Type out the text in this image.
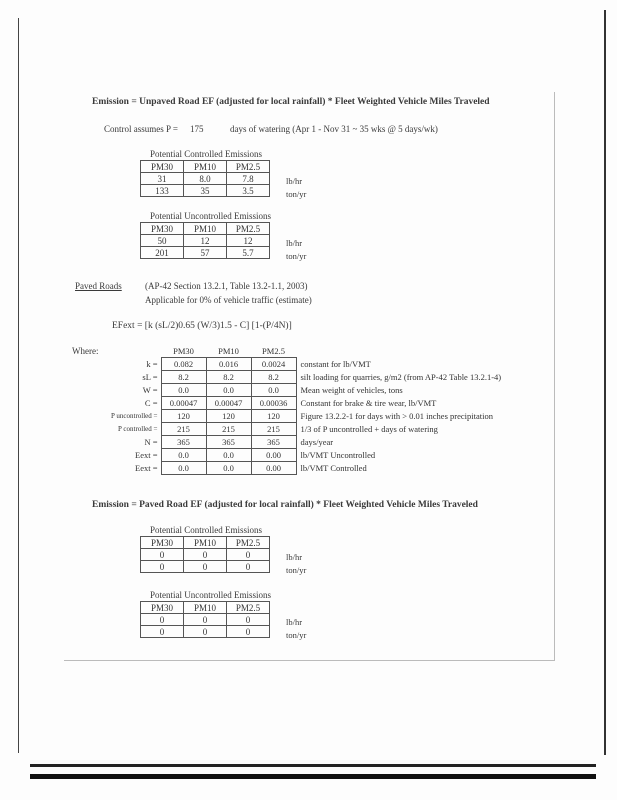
Emission = Unpaved Road EF (adjusted for local rainfall) * Fleet Weighted Vehicle Miles Traveled
Control assumes P = 175	days of watering (Apr 1 - Nov 31 ~ 35 wks @ 5 days/wk)
Potential Controlled Emissions
PM30	PM10	PM2.5
31	8.0	7.8
133	35	3.5
lb/hr
ton/yr
Potential Uncontrolled Emissions
PM30	PM10	PM2.5
50	12	12
201	57	5.7
lb/hr
ton/yr
Paved Roads	(AP-42 Section 13.2.1, Table 13.2-1.1, 2003)
Applicable for 0% of vehicle traffic (estimate)
EFext = [k (sL/2)0.65 (W/3)1.5 - C] [1-(P/4N)]
Where:
		PM30	PM10	PM2.5	
k =	0.082	0.016	0.0024	constant for lb/VMT
sL =	8.2	8.2	8.2	silt loading for quarries, g/m2 (from AP-42 Table 13.2.1-4)
W =	0.0	0.0	0.0	Mean weight of vehicles, tons
C =	0.00047	0.00047	0.00036	Constant for brake & tire wear, lb/VMT
P uncontrolled =	120	120	120	Figure 13.2.2-1 for days with > 0.01 inches precipitation
P controlled =	215	215	215	1/3 of P uncontrolled + days of watering
N =	365	365	365	days/year
Eext =	0.0	0.0	0.00	lb/VMT Uncontrolled
Eext =	0.0	0.0	0.00	lb/VMT Controlled
Emission = Paved Road EF (adjusted for local rainfall) * Fleet Weighted Vehicle Miles Traveled
Potential Controlled Emissions
PM30	PM10	PM2.5
0	0	0
0	0	0
lb/hr
ton/yr
Potential Uncontrolled Emissions
PM30	PM10	PM2.5
0	0	0
0	0	0
lb/hr
ton/yr
